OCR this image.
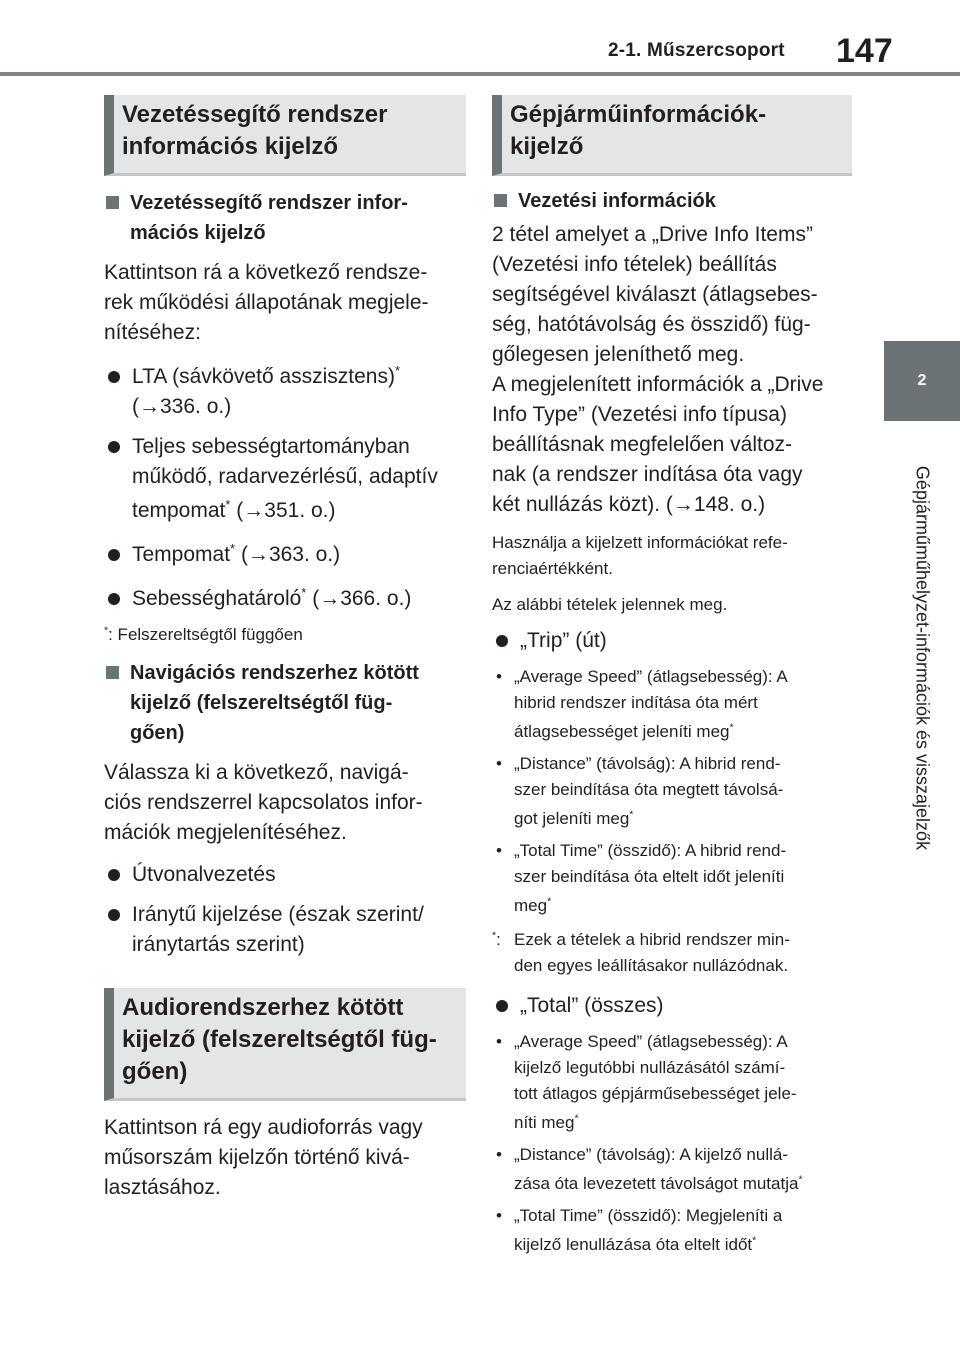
2-1. Műszercsoport 147
2
Gépjárműműhelyzet-információk és visszajelzők
Vezetéssegítő rendszer
információs kijelző
Vezetéssegítő rendszer infor-
mációs kijelző
Kattintson rá a következő rendsze-
rek működési állapotának megjele-
nítéséhez:
LTA (sávkövető asszisztens)*
(→336. o.)
Teljes sebességtartományban
működő, radarvezérlésű, adaptív
tempomat* (→351. o.)
Tempomat* (→363. o.)
Sebességhatároló* (→366. o.)
*: Felszereltségtől függően
Navigációs rendszerhez kötött
kijelző (felszereltségtől füg-
gően)
Válassza ki a következő, navigá-
ciós rendszerrel kapcsolatos infor-
mációk megjelenítéséhez.
Útvonalvezetés
Iránytű kijelzése (észak szerint/
iránytartás szerint)
Audiorendszerhez kötött
kijelző (felszereltségtől füg-
gően)
Kattintson rá egy audioforrás vagy
műsorszám kijelzőn történő kivá-
lasztásához.
Gépjárműinformációk-
kijelző
Vezetési információk
2 tétel amelyet a „Drive Info Items”
(Vezetési info tételek) beállítás
segítségével kiválaszt (átlagsebes-
ség, hatótávolság és összidő) füg-
gőlegesen jeleníthető meg.
A megjelenített információk a „Drive
Info Type” (Vezetési info típusa)
beállításnak megfelelően változ-
nak (a rendszer indítása óta vagy
két nullázás közt). (→148. o.)
Használja a kijelzett információkat refe-
renciaértékként.
Az alábbi tételek jelennek meg.
„Trip” (út)
• „Average Speed” (átlagsebesség): A
hibrid rendszer indítása óta mért
átlagsebességet jeleníti meg*
• „Distance” (távolság): A hibrid rend-
szer beindítása óta megtett távolsá-
got jeleníti meg*
• „Total Time” (összidő): A hibrid rend-
szer beindítása óta eltelt időt jeleníti
meg*
*: Ezek a tételek a hibrid rendszer min-
den egyes leállításakor nullázódnak.
„Total” (összes)
• „Average Speed” (átlagsebesség): A
kijelző legutóbbi nullázásától számí-
tott átlagos gépjárműsebességet jele-
níti meg*
• „Distance” (távolság): A kijelző nullá-
zása óta levezetett távolságot mutatja*
• „Total Time” (összidő): Megjeleníti a
kijelző lenullázása óta eltelt időt*
